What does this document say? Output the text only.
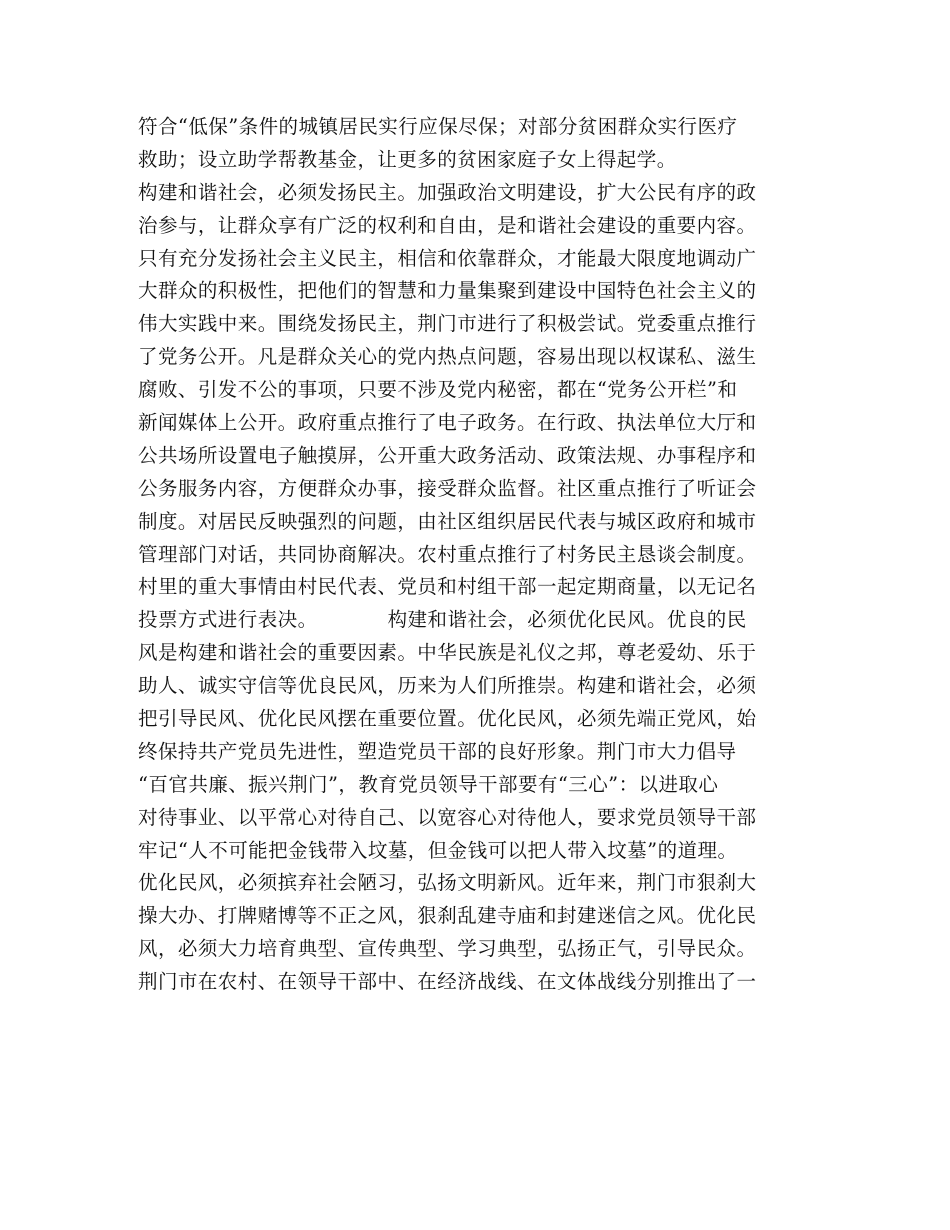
符合“低保”条件的城镇居民实行应保尽保；对部分贫困群众实行医疗
救助；设立助学帮教基金，让更多的贫困家庭子女上得起学。
构建和谐社会，必须发扬民主。加强政治文明建设，扩大公民有序的政
治参与，让群众享有广泛的权利和自由，是和谐社会建设的重要内容。
只有充分发扬社会主义民主，相信和依靠群众，才能最大限度地调动广
大群众的积极性，把他们的智慧和力量集聚到建设中国特色社会主义的
伟大实践中来。围绕发扬民主，荆门市进行了积极尝试。党委重点推行
了党务公开。凡是群众关心的党内热点问题，容易出现以权谋私、滋生
腐败、引发不公的事项，只要不涉及党内秘密，都在“党务公开栏”和
新闻媒体上公开。政府重点推行了电子政务。在行政、执法单位大厅和
公共场所设置电子触摸屏，公开重大政务活动、政策法规、办事程序和
公务服务内容，方便群众办事，接受群众监督。社区重点推行了听证会
制度。对居民反映强烈的问题，由社区组织居民代表与城区政府和城市
管理部门对话，共同协商解决。农村重点推行了村务民主恳谈会制度。
村里的重大事情由村民代表、党员和村组干部一起定期商量，以无记名
投票方式进行表决。　　　　构建和谐社会，必须优化民风。优良的民
风是构建和谐社会的重要因素。中华民族是礼仪之邦，尊老爱幼、乐于
助人、诚实守信等优良民风，历来为人们所推崇。构建和谐社会，必须
把引导民风、优化民风摆在重要位置。优化民风，必须先端正党风，始
终保持共产党员先进性，塑造党员干部的良好形象。荆门市大力倡导
“百官共廉、振兴荆门”，教育党员领导干部要有“三心”：以进取心
对待事业、以平常心对待自己、以宽容心对待他人，要求党员领导干部
牢记“人不可能把金钱带入坟墓，但金钱可以把人带入坟墓”的道理。
优化民风，必须摈弃社会陋习，弘扬文明新风。近年来，荆门市狠刹大
操大办、打牌赌博等不正之风，狠刹乱建寺庙和封建迷信之风。优化民
风，必须大力培育典型、宣传典型、学习典型，弘扬正气，引导民众。
荆门市在农村、在领导干部中、在经济战线、在文体战线分别推出了一
